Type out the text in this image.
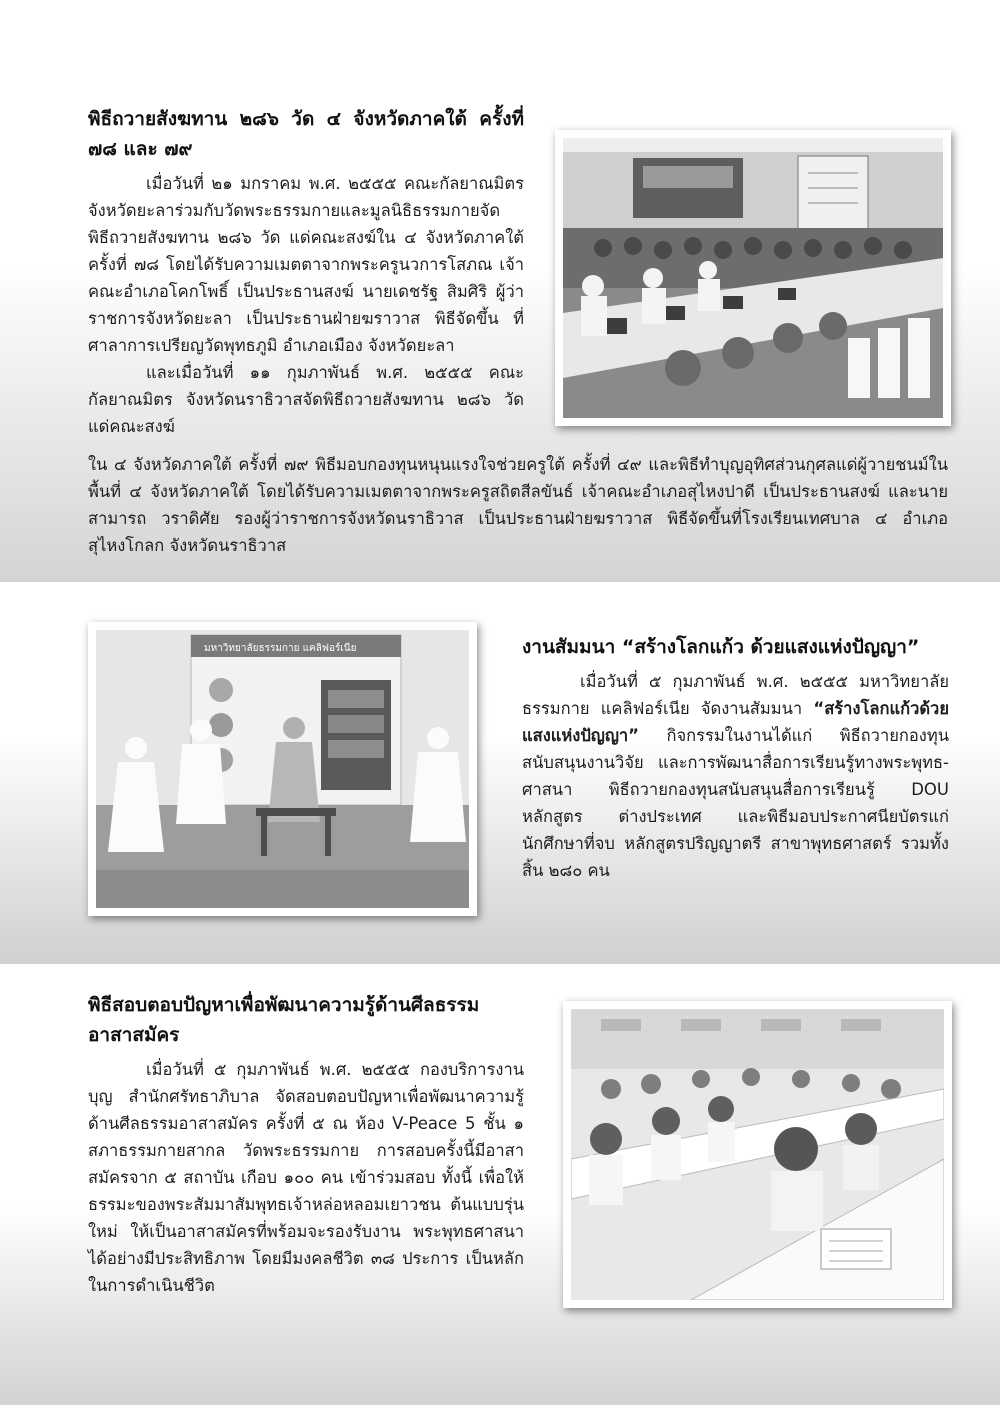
พิธีถวายสังฆทาน ๒๘๖ วัด ๔ จังหวัดภาคใต้ ครั้งที่ ๗๘ และ ๗๙

เมื่อวันที่ ๒๑ มกราคม พ.ศ. ๒๕๕๕ คณะกัลยาณมิตร จังหวัดยะลาร่วมกับวัดพระธรรมกายและมูลนิธิธรรมกายจัด พิธีถวายสังฆทาน ๒๘๖ วัด แด่คณะสงฆ์ใน ๔ จังหวัดภาคใต้ ครั้งที่ ๗๘ โดยได้รับความเมตตาจากพระครูนวการโสภณ เจ้าคณะอำเภอโคกโพธิ์ เป็นประธานสงฆ์ นายเดชรัฐ สิมศิริ ผู้ว่าราชการจังหวัดยะลา เป็นประธานฝ่ายฆราวาส พิธีจัดขึ้น ที่ศาลาการเปรียญวัดพุทธภูมิ อำเภอเมือง จังหวัดยะลา

และเมื่อวันที่ ๑๑ กุมภาพันธ์ พ.ศ. ๒๕๕๕ คณะกัลยาณมิตร จังหวัดนราธิวาสจัดพิธีถวายสังฆทาน ๒๘๖ วัด แด่คณะสงฆ์

ใน ๔ จังหวัดภาคใต้ ครั้งที่ ๗๙ พิธีมอบกองทุนหนุนแรงใจช่วยครูใต้ ครั้งที่ ๔๙ และพิธีทำบุญอุทิศส่วนกุศลแด่ผู้วายชนม์ในพื้นที่ ๔ จังหวัดภาคใต้ โดยได้รับความเมตตาจากพระครูสถิตสีลขันธ์ เจ้าคณะอำเภอสุไหงปาดี เป็นประธานสงฆ์ และนายสามารถ วราดิศัย รองผู้ว่าราชการจังหวัดนราธิวาส เป็นประธานฝ่ายฆราวาส พิธีจัดขึ้นที่โรงเรียนเทศบาล ๔ อำเภอสุไหงโกลก จังหวัดนราธิวาส

มหาวิทยาลัยธรรมกาย แคลิฟอร์เนีย	งานสัมมนา “สร้างโลกแก้ว ด้วยแสงแห่งปัญญา”

เมื่อวันที่ ๕ กุมภาพันธ์ พ.ศ. ๒๕๕๕ มหาวิทยาลัย ธรรมกาย แคลิฟอร์เนีย จัดงานสัมมนา “สร้างโลกแก้วด้วยแสงแห่งปัญญา” กิจกรรมในงานได้แก่ พิธีถวายกองทุน สนับสนุนงานวิจัย และการพัฒนาสื่อการเรียนรู้ทางพระพุทธ-ศาสนา พิธีถวายกองทุนสนับสนุนสื่อการเรียนรู้ DOU หลักสูตร ต่างประเทศ และพิธีมอบประกาศนียบัตรแก่นักศึกษาที่จบ หลักสูตรปริญญาตรี สาขาพุทธศาสตร์ รวมทั้งสิ้น ๒๘๐ คน

พิธีสอบตอบปัญหาเพื่อพัฒนาความรู้ด้านศีลธรรม อาสาสมัคร

เมื่อวันที่ ๕ กุมภาพันธ์ พ.ศ. ๒๕๕๕ กองบริการงานบุญ สำนักศรัทธาภิบาล จัดสอบตอบปัญหาเพื่อพัฒนาความรู้ ด้านศีลธรรมอาสาสมัคร ครั้งที่ ๕ ณ ห้อง V-Peace 5 ชั้น ๑ สภาธรรมกายสากล วัดพระธรรมกาย การสอบครั้งนี้มีอาสา สมัครจาก ๕ สถาบัน เกือบ ๑๐๐ คน เข้าร่วมสอบ ทั้งนี้ เพื่อให้ธรรมะของพระสัมมาสัมพุทธเจ้าหล่อหลอมเยาวชน ต้นแบบรุ่นใหม่ ให้เป็นอาสาสมัครที่พร้อมจะรองรับงาน พระพุทธศาสนาได้อย่างมีประสิทธิภาพ โดยมีมงคลชีวิต ๓๘ ประการ เป็นหลักในการดำเนินชีวิต
